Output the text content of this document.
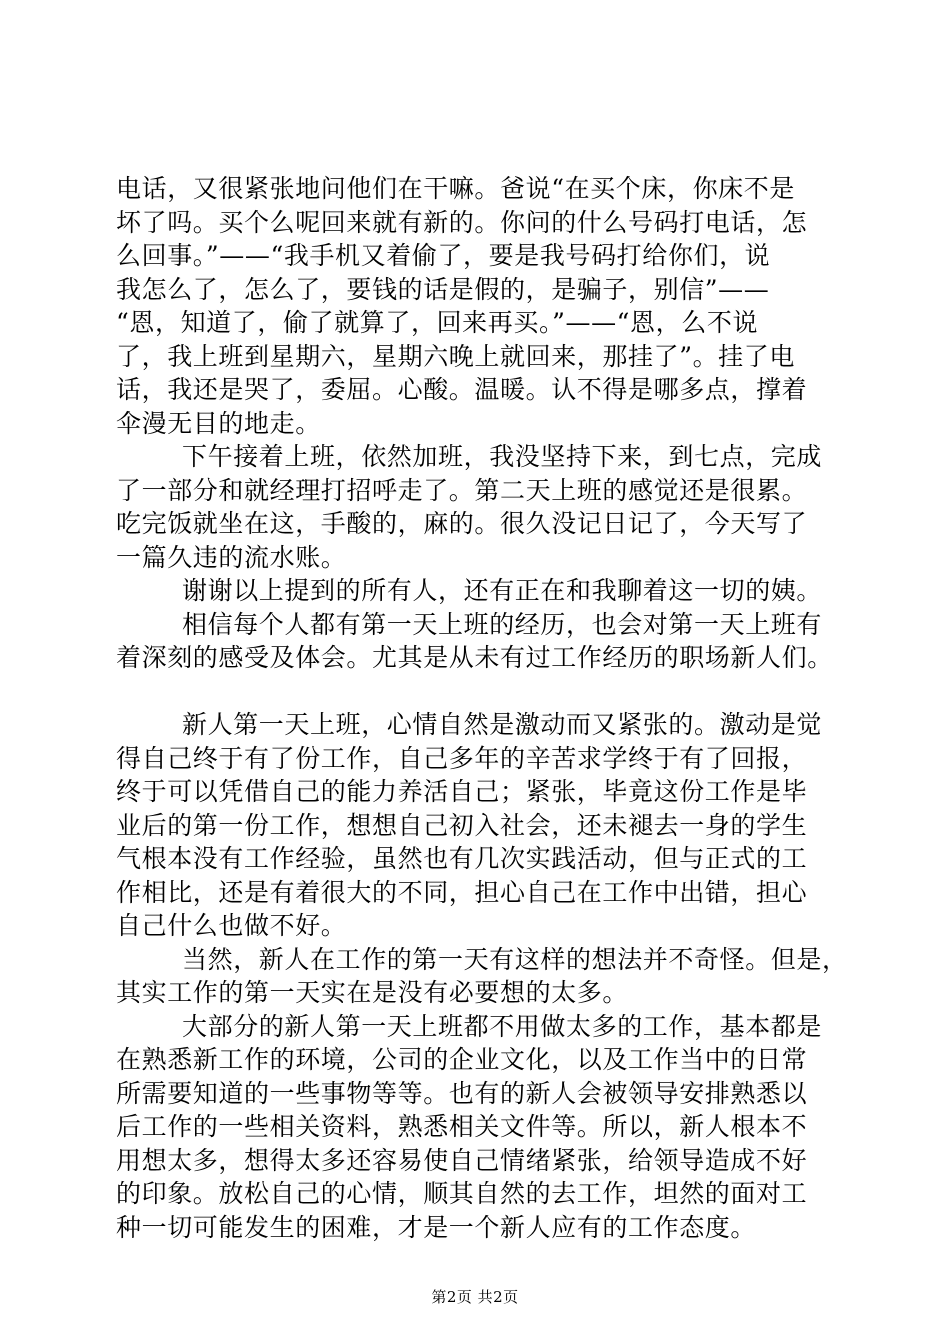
电话，又很紧张地问他们在干嘛。爸说“在买个床，你床不是
坏了吗。买个么呢回来就有新的。你问的什么号码打电话，怎
么回事。”——“我手机又着偷了，要是我号码打给你们，说
我怎么了，怎么了，要钱的话是假的，是骗子，别信”——
“恩，知道了，偷了就算了，回来再买。”——“恩，么不说
了，我上班到星期六，星期六晚上就回来，那挂了”。挂了电
话，我还是哭了，委屈。心酸。温暖。认不得是哪多点，撑着
伞漫无目的地走。
下午接着上班，依然加班，我没坚持下来，到七点，完成
了一部分和就经理打招呼走了。第二天上班的感觉还是很累。
吃完饭就坐在这，手酸的，麻的。很久没记日记了，今天写了
一篇久违的流水账。
谢谢以上提到的所有人，还有正在和我聊着这一切的姨。
相信每个人都有第一天上班的经历，也会对第一天上班有
着深刻的感受及体会。尤其是从未有过工作经历的职场新人们。
新人第一天上班，心情自然是激动而又紧张的。激动是觉
得自己终于有了份工作，自己多年的辛苦求学终于有了回报，
终于可以凭借自己的能力养活自己；紧张，毕竟这份工作是毕
业后的第一份工作，想想自己初入社会，还未褪去一身的学生
气根本没有工作经验，虽然也有几次实践活动，但与正式的工
作相比，还是有着很大的不同，担心自己在工作中出错，担心
自己什么也做不好。
当然，新人在工作的第一天有这样的想法并不奇怪。但是，
其实工作的第一天实在是没有必要想的太多。
大部分的新人第一天上班都不用做太多的工作，基本都是
在熟悉新工作的环境，公司的企业文化，以及工作当中的日常
所需要知道的一些事物等等。也有的新人会被领导安排熟悉以
后工作的一些相关资料，熟悉相关文件等。所以，新人根本不
用想太多，想得太多还容易使自己情绪紧张，给领导造成不好
的印象。放松自己的心情，顺其自然的去工作，坦然的面对工
种一切可能发生的困难，才是一个新人应有的工作态度。
第2页 共2页
